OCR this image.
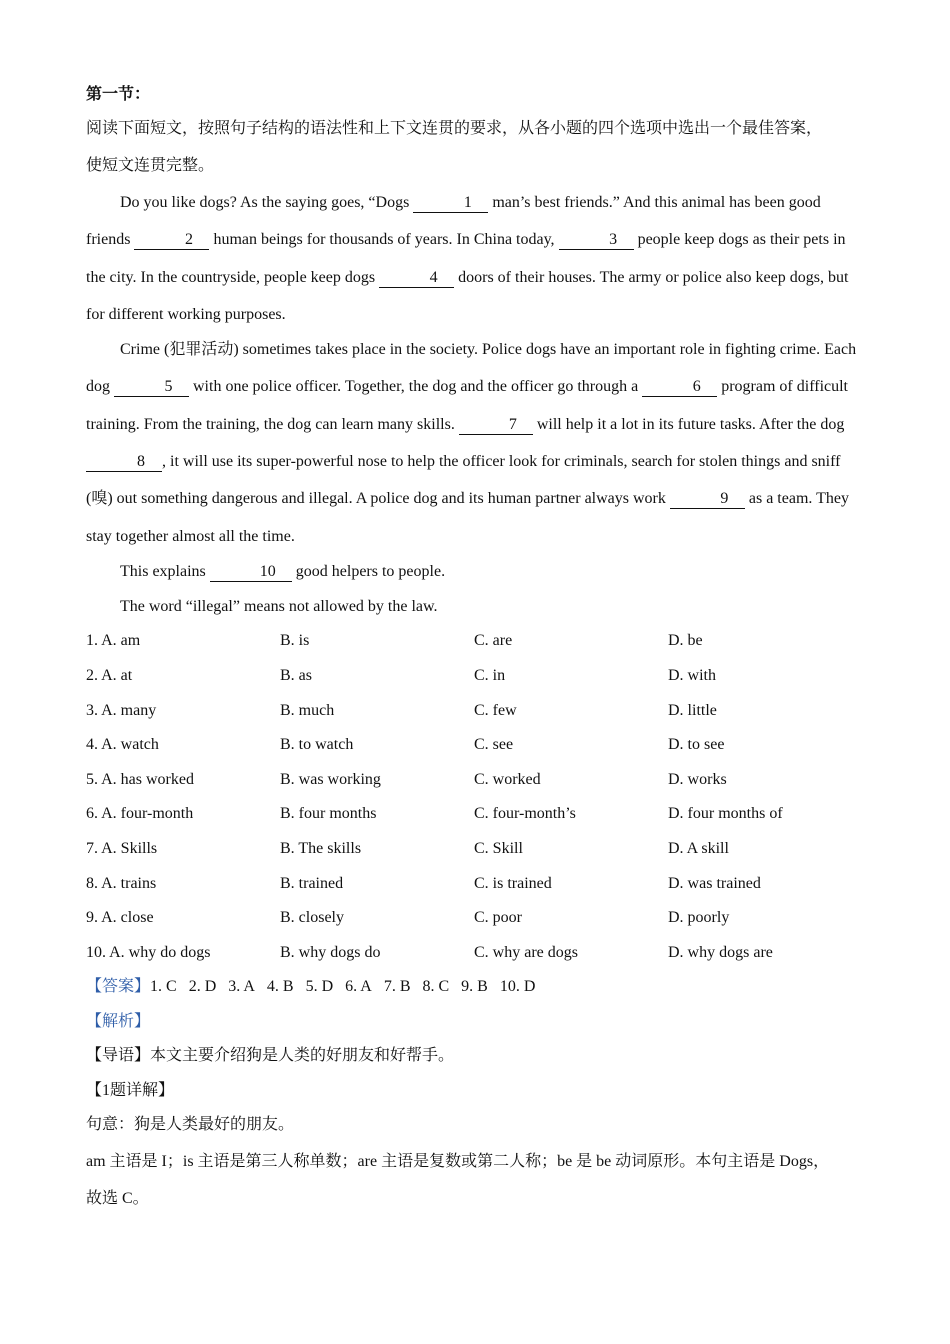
第一节：
阅读下面短文，按照句子结构的语法性和上下文连贯的要求，从各小题的四个选项中选出一个最佳答案，
使短文连贯完整。

Do you like dogs? As the saying goes, “Dogs	1 man’s best friends.” And this animal has been good friends	2 human beings for thousands of years. In China today,	3 people keep dogs as their pets in the city. In the countryside, people keep dogs	4 doors of their houses. The army or police also keep dogs, but for different working purposes.

Crime (犯罪活动) sometimes takes place in the society. Police dogs have an important role in fighting crime. Each dog	5 with one police officer. Together, the dog and the officer go through a	6 program of difficult training. From the training, the dog can learn many skills.	7 will help it a lot in its future tasks. After the dog 8 , it will use its super-powerful nose to help the officer look for criminals, search for stolen things and sniff (嗅) out something dangerous and illegal. A police dog and its human partner always work	9 as a team. They stay together almost all the time.

This explains	10 good helpers to people.

The word “illegal” means not allowed by the law.

1. A. am	B. is	C. are	D. be
2. A. at	B. as	C. in	D. with
3. A. many	B. much	C. few	D. little
4. A. watch	B. to watch	C. see	D. to see
5. A. has worked	B. was working	C. worked	D. works
6. A. four-month	B. four months	C. four-month’s	D. four months of
7. A. Skills	B. The skills	C. Skill	D. A skill
8. A. trains	B. trained	C. is trained	D. was trained
9. A. close	B. closely	C. poor	D. poorly
10. A. why do dogs	B. why dogs do	C. why are dogs	D. why dogs are
【答案】1. C 2. D 3. A 4. B 5. D 6. A 7. B 8. C 9. B 10. D
【解析】
【导语】本文主要介绍狗是人类的好朋友和好帮手。
【1题详解】
句意：狗是人类最好的朋友。
am 主语是 I；is 主语是第三人称单数；are 主语是复数或第二人称；be 是 be 动词原形。本句主语是 Dogs，
故选 C。
